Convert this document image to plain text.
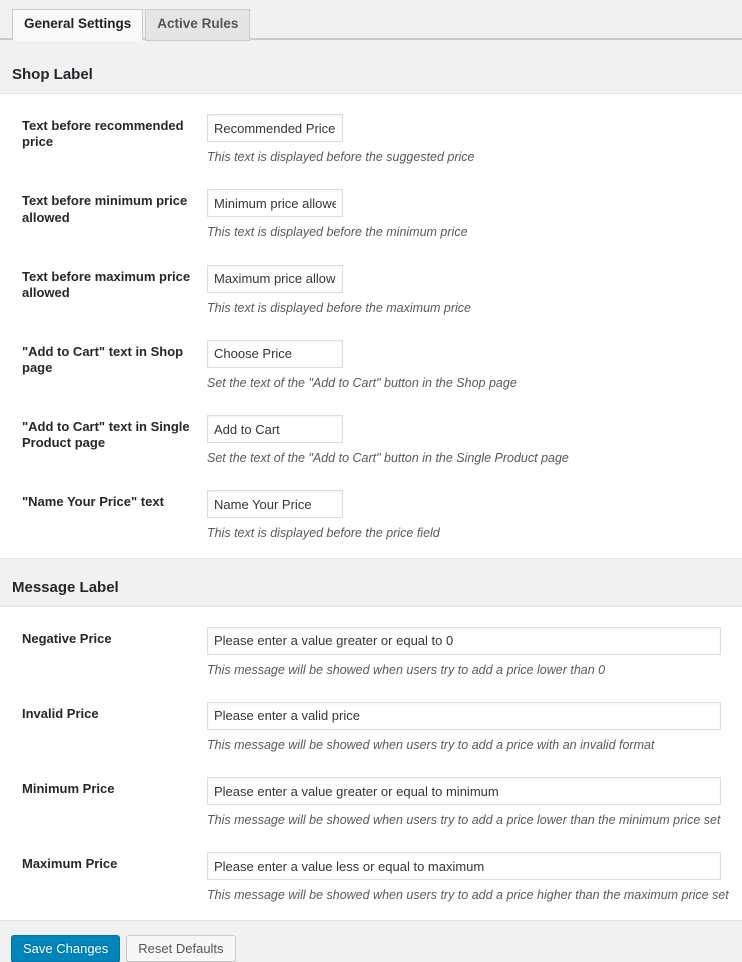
General Settings Active Rules
Shop Label
Text before recommended price	Recommended Price

This text is displayed before the suggested price

Text before minimum price allowed	Minimum price allowed

This text is displayed before the minimum price

Text before maximum price allowed	Maximum price allowed

This text is displayed before the maximum price

"Add to Cart" text in Shop page	Choose Price

Set the text of the "Add to Cart" button in the Shop page

"Add to Cart" text in Single Product page	Add to Cart

Set the text of the "Add to Cart" button in the Single Product page

"Name Your Price" text	Name Your Price

This text is displayed before the price field

Message Label
Negative Price	Please enter a value greater or equal to 0

This message will be showed when users try to add a price lower than 0

Invalid Price	Please enter a valid price

This message will be showed when users try to add a price with an invalid format

Minimum Price	Please enter a value greater or equal to minimum

This message will be showed when users try to add a price lower than the minimum price set

Maximum Price	Please enter a value less or equal to maximum

This message will be showed when users try to add a price higher than the maximum price set

Save Changes Reset Defaults
